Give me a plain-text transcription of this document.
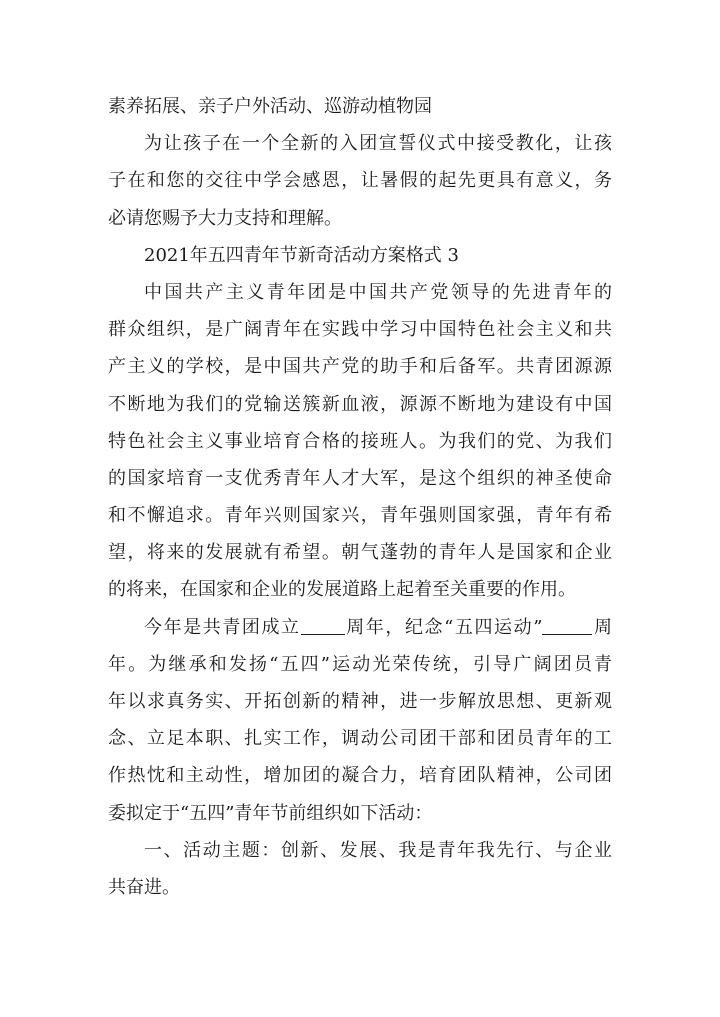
素养拓展、亲子户外活动、巡游动植物园
为让孩子在一个全新的入团宣誓仪式中接受教化，让孩
子在和您的交往中学会感恩，让暑假的起先更具有意义，务
必请您赐予大力支持和理解。
2021年五四青年节新奇活动方案格式 3
中国共产主义青年团是中国共产党领导的先进青年的
群众组织，是广阔青年在实践中学习中国特色社会主义和共
产主义的学校，是中国共产党的助手和后备军。共青团源源
不断地为我们的党输送簇新血液，源源不断地为建设有中国
特色社会主义事业培育合格的接班人。为我们的党、为我们
的国家培育一支优秀青年人才大军，是这个组织的神圣使命
和不懈追求。青年兴则国家兴，青年强则国家强，青年有希
望，将来的发展就有希望。朝气蓬勃的青年人是国家和企业
的将来，在国家和企业的发展道路上起着至关重要的作用。
今年是共青团成立 周年，纪念“五四运动”	周
年。为继承和发扬“五四”运动光荣传统，引导广阔团员青
年以求真务实、开拓创新的精神，进一步解放思想、更新观
念、立足本职、扎实工作，调动公司团干部和团员青年的工
作热忱和主动性，增加团的凝合力，培育团队精神，公司团
委拟定于“五四”青年节前组织如下活动：
一、活动主题：创新、发展、我是青年我先行、与企业
共奋进。
